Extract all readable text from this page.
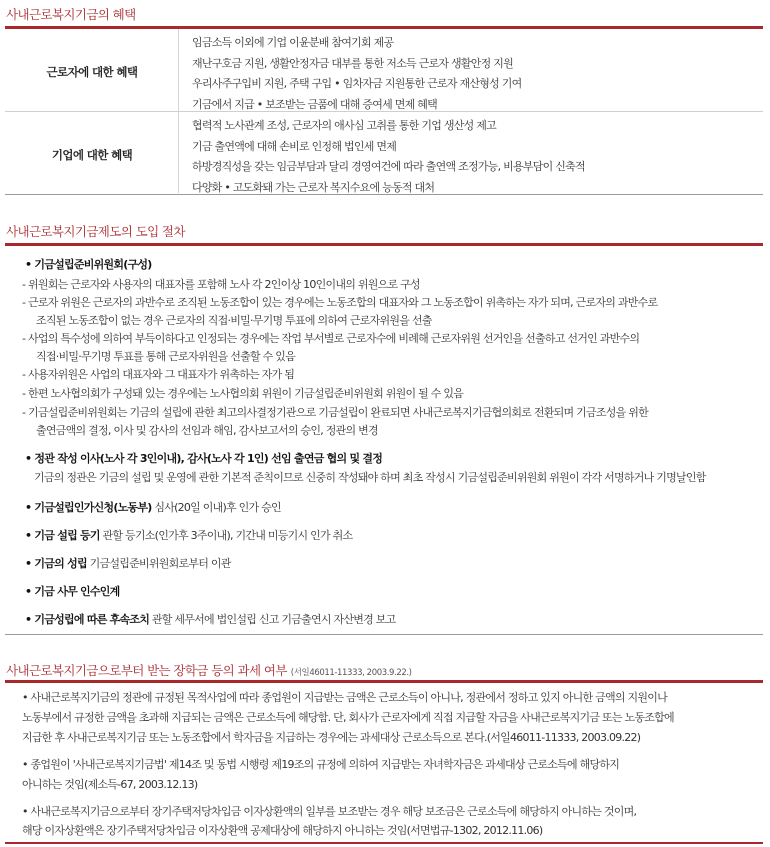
사내근로복지기금의 혜택
근로자에 대한 혜택
임금소득 이외에 기업 이윤분배 참여기회 제공
재난구호금 지원, 생활안정자금 대부를 통한 저소득 근로자 생활안정 지원
우리사주구입비 지원, 주택 구입 • 임차자금 지원통한 근로자 재산형성 기여
기금에서 지급 • 보조받는 금품에 대해 증여세 면제 혜택
기업에 대한 혜택
협력적 노사관계 조성, 근로자의 애사심 고취를 통한 기업 생산성 제고
기금 출연액에 대해 손비로 인정해 법인세 면제
하방경직성을 갖는 임금부담과 달리 경영여건에 따라 출연액 조정가능, 비용부담이 신축적
다양화 • 고도화돼 가는 근로자 복지수요에 능동적 대처
사내근로복지기금제도의 도입 절차
• 기금설립준비위원회(구성)
- 위원회는 근로자와 사용자의 대표자를 포함해 노사 각 2인이상 10인이내의 위원으로 구성
- 근로자 위원은 근로자의 과반수로 조직된 노동조합이 있는 경우에는 노동조합의 대표자와 그 노동조합이 위촉하는 자가 되며, 근로자의 과반수로
조직된 노동조합이 없는 경우 근로자의 직접·비밀·무기명 투표에 의하여 근로자위원을 선출
- 사업의 특수성에 의하여 부득이하다고 인정되는 경우에는 작업 부서별로 근로자수에 비례해 근로자위원 선거인을 선출하고 선거인 과반수의
직접·비밀·무기명 투표를 통해 근로자위원을 선출할 수 있음
- 사용자위원은 사업의 대표자와 그 대표자가 위촉하는 자가 됨
- 한편 노사협의회가 구성돼 있는 경우에는 노사협의회 위원이 기금설립준비위원회 위원이 될 수 있음
- 기금설립준비위원회는 기금의 설립에 관한 최고의사결정기관으로 기금설립이 완료되면 사내근로복지기금협의회로 전환되며 기금조성을 위한
출연금액의 결정, 이사 및 감사의 선임과 해임, 감사보고서의 승인, 정관의 변경
• 정관 작성 이사(노사 각 3인이내), 감사(노사 각 1인) 선임 출연금 협의 및 결정
기금의 정관은 기금의 설립 및 운영에 관한 기본적 준칙이므로 신중히 작성돼야 하며 최초 작성시 기금설립준비위원회 위원이 각각 서명하거나 기명날인함
• 기금설립인가신청(노동부) 심사(20일 이내)후 인가 승인
• 기금 설립 등기 관할 등기소(인가후 3주이내), 기간내 미등기시 인가 취소
• 기금의 성립 기금설립준비위원회로부터 이관
• 기금 사무 인수인계
• 기금성립에 따른 후속조치 관할 세무서에 법인설립 신고 기금출연시 자산변경 보고
사내근로복지기금으로부터 받는 장학금 등의 과세 여부 (서일46011-11333, 2003.9.22.)
• 사내근로복지기금의 정관에 규정된 목적사업에 따라 종업원이 지급받는 금액은 근로소득이 아니나, 정관에서 정하고 있지 아니한 금액의 지원이나
노동부에서 규정한 금액을 초과해 지급되는 금액은 근로소득에 해당함. 단, 회사가 근로자에게 직접 지급할 자금을 사내근로복지기금 또는 노동조합에
지급한 후 사내근로복지기금 또는 노동조합에서 학자금을 지급하는 경우에는 과세대상 근로소득으로 본다.(서일46011-11333, 2003.09.22)
• 종업원이 '사내근로복지기금법' 제14조 및 동법 시행령 제19조의 규정에 의하여 지급받는 자녀학자금은 과세대상 근로소득에 해당하지
아니하는 것임(제소득-67, 2003.12.13)
• 사내근로복지기금으로부터 장기주택저당차입금 이자상환액의 일부를 보조받는 경우 해당 보조금은 근로소득에 해당하지 아니하는 것이며,
해당 이자상환액은 장기주택저당차입금 이자상환액 공제대상에 해당하지 아니하는 것임(서면법규-1302, 2012.11.06)
